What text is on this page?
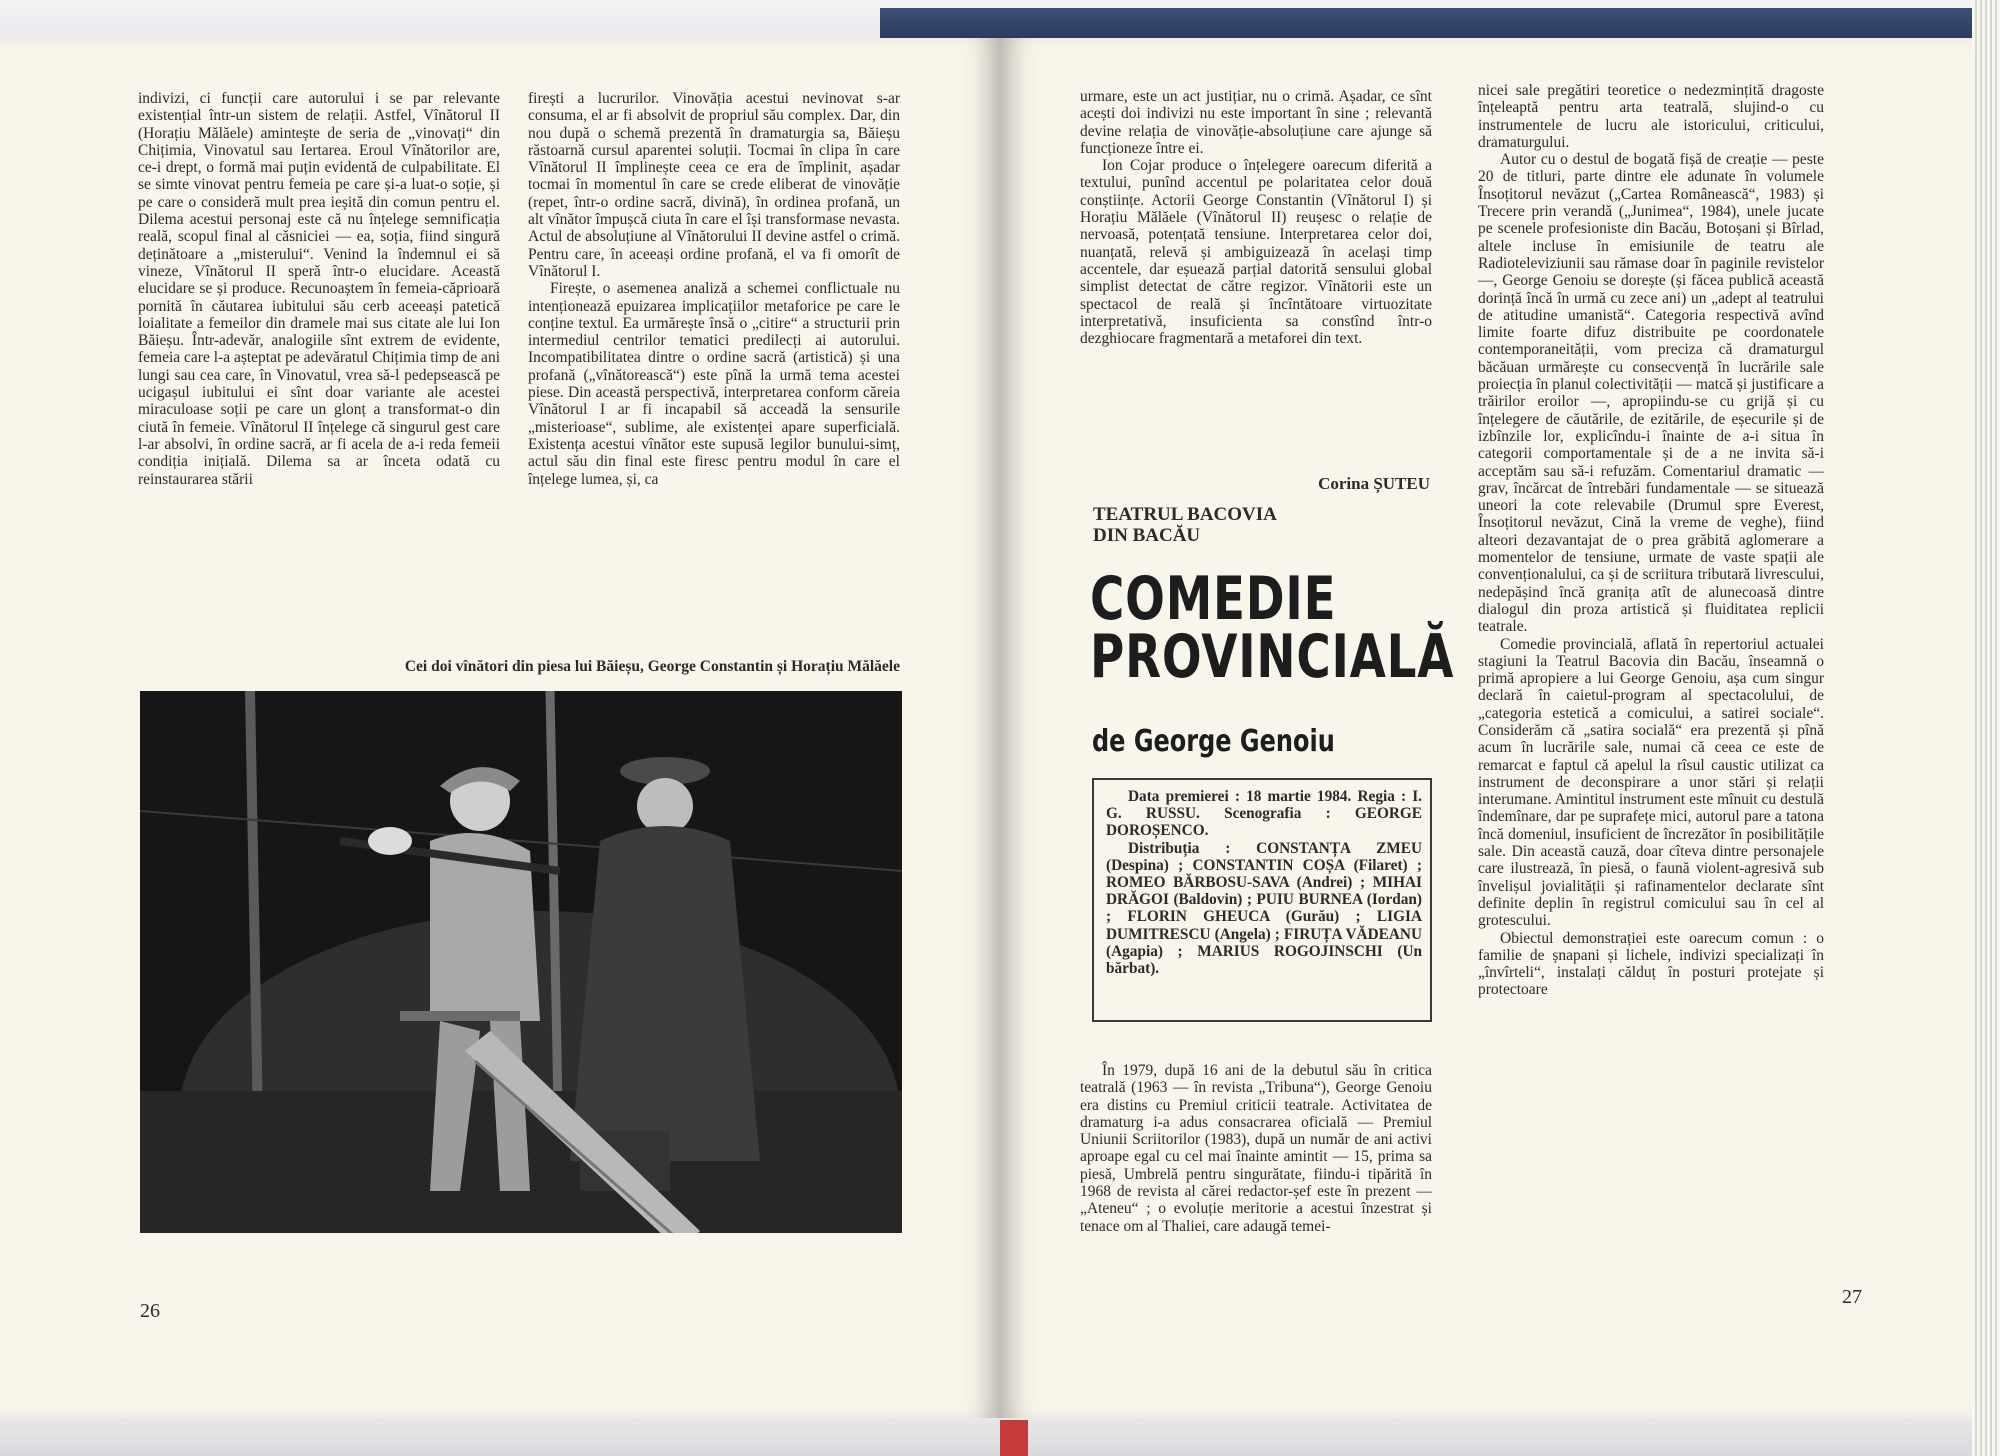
indivizi, ci funcții care autorului i se par relevante existențial într-un sistem de relații. Astfel, Vînătorul II (Horațiu Mălăele) amintește de seria de „vinovați“ din Chițimia, Vinovatul sau Iertarea. Eroul Vînătorilor are, ce-i drept, o formă mai puțin evidentă de culpabilitate. El se simte vinovat pentru femeia pe care și-a luat-o soție, și pe care o consideră mult prea ieșită din comun pentru el. Dilema acestui personaj este că nu înțelege semnificația reală, scopul final al căsniciei — ea, soția, fiind singură deținătoare a „misterului“. Venind la îndemnul ei să vineze, Vînătorul II speră într-o elucidare. Această elucidare se și produce. Recunoaștem în femeia-căprioară pornită în căutarea iubitului său cerb aceeași patetică loialitate a femeilor din dramele mai sus citate ale lui Ion Băieșu. Într-adevăr, analogiile sînt extrem de evidente, femeia care l-a așteptat pe adevăratul Chițimia timp de ani lungi sau cea care, în Vinovatul, vrea să-l pedepsească pe ucigașul iubitului ei sînt doar variante ale acestei miraculoase soții pe care un glonț a transformat-o din ciută în femeie. Vînătorul II înțelege că singurul gest care l-ar absolvi, în ordine sacră, ar fi acela de a-i reda femeii condiția inițială. Dilema sa ar înceta odată cu reinstaurarea stării

firești a lucrurilor. Vinovăția acestui nevinovat s-ar consuma, el ar fi absolvit de propriul său complex. Dar, din nou după o schemă prezentă în dramaturgia sa, Băieșu răstoarnă cursul aparentei soluții. Tocmai în clipa în care Vînătorul II împlinește ceea ce era de împlinit, așadar tocmai în momentul în care se crede eliberat de vinovăție (repet, într-o ordine sacră, divină), în ordinea profană, un alt vînător împușcă ciuta în care el își transformase nevasta. Actul de absoluțiune al Vînătorului II devine astfel o crimă. Pentru care, în aceeași ordine profană, el va fi omorît de Vînătorul I.

Firește, o asemenea analiză a schemei conflictuale nu intenționează epuizarea implicațiilor metaforice pe care le conține textul. Ea urmărește însă o „citire“ a structurii prin intermediul centrilor tematici predilecți ai autorului. Incompatibilitatea dintre o ordine sacră (artistică) și una profană („vînătorească“) este pînă la urmă tema acestei piese. Din această perspectivă, interpretarea conform căreia Vînătorul I ar fi incapabil să acceadă la sensurile „misterioase“, sublime, ale existenței apare superficială. Existența acestui vînător este supusă legilor bunului-simț, actul său din final este firesc pentru modul în care el înțelege lumea, și, ca

Cei doi vînători din piesa lui Băieșu, George Constantin și Horațiu Mălăele
26

urmare, este un act justițiar, nu o crimă. Așadar, ce sînt acești doi indivizi nu este important în sine ; relevantă devine relația de vinovăție-absoluțiune care ajunge să funcționeze între ei.

Ion Cojar produce o înțelegere oarecum diferită a textului, punînd accentul pe polaritatea celor două conștiințe. Actorii George Constantin (Vînătorul I) și Horațiu Mălăele (Vînătorul II) reușesc o relație de nervoasă, potențată tensiune. Interpretarea celor doi, nuanțată, relevă și ambiguizează în același timp accentele, dar eșuează parțial datorită sensului global simplist detectat de către regizor. Vînătorii este un spectacol de reală și încîntătoare virtuozitate interpretativă, insuficienta sa constînd într-o dezghiocare fragmentară a metaforei din text.

Corina ȘUTEU
TEATRUL BACOVIA
DIN BACĂU
COMEDIE
PROVINCIALĂ
de George Genoiu

Data premierei : 18 martie 1984. Regia : I. G. RUSSU. Scenografia : GEORGE DOROȘENCO.

Distribuția : CONSTANȚA ZMEU (Despina) ; CONSTANTIN COȘA (Filaret) ; ROMEO BĂRBOSU-SAVA (Andrei) ; MIHAI DRĂGOI (Baldovin) ; PUIU BURNEA (Iordan) ; FLORIN GHEUCA (Gurău) ; LIGIA DUMITRESCU (Angela) ; FIRUȚA VĂDEANU (Agapia) ; MARIUS ROGOJINSCHI (Un bărbat).

În 1979, după 16 ani de la debutul său în critica teatrală (1963 — în revista „Tribuna“), George Genoiu era distins cu Premiul criticii teatrale. Activitatea de dramaturg i-a adus consacrarea oficială — Premiul Uniunii Scriitorilor (1983), după un număr de ani activi aproape egal cu cel mai înainte amintit — 15, prima sa piesă, Umbrelă pentru singurătate, fiindu-i tipărită în 1968 de revista al cărei redactor-șef este în prezent — „Ateneu“ ; o evoluție meritorie a acestui înzestrat și tenace om al Thaliei, care adaugă temei-

nicei sale pregătiri teoretice o nedezmințită dragoste înțeleaptă pentru arta teatrală, slujind-o cu instrumentele de lucru ale istoricului, criticului, dramaturgului.

Autor cu o destul de bogată fișă de creație — peste 20 de titluri, parte dintre ele adunate în volumele Însoțitorul nevăzut („Cartea Românească“, 1983) și Trecere prin verandă („Junimea“, 1984), unele jucate pe scenele profesioniste din Bacău, Botoșani și Bîrlad, altele incluse în emisiunile de teatru ale Radioteleviziunii sau rămase doar în paginile revistelor —, George Genoiu se dorește (și făcea publică această dorință încă în urmă cu zece ani) un „adept al teatrului de atitudine umanistă“. Categoria respectivă avînd limite foarte difuz distribuite pe coordonatele contemporaneității, vom preciza că dramaturgul băcăuan urmărește cu consecvență în lucrările sale proiecția în planul colectivității — matcă și justificare a trăirilor eroilor —, apropiindu-se cu grijă și cu înțelegere de căutările, de ezitările, de eșecurile și de izbînzile lor, explicîndu-i înainte de a-i situa în categorii comportamentale și de a ne invita să-i acceptăm sau să-i refuzăm. Comentariul dramatic — grav, încărcat de întrebări fundamentale — se situează uneori la cote relevabile (Drumul spre Everest, Însoțitorul nevăzut, Cină la vreme de veghe), fiind alteori dezavantajat de o prea grăbită aglomerare a momentelor de tensiune, urmate de vaste spații ale convenționalului, ca și de scriitura tributară livrescului, nedepășind încă granița atît de alunecoasă dintre dialogul din proza artistică și fluiditatea replicii teatrale.

Comedie provincială, aflată în repertoriul actualei stagiuni la Teatrul Bacovia din Bacău, înseamnă o primă apropiere a lui George Genoiu, așa cum singur declară în caietul-program al spectacolului, de „categoria estetică a comicului, a satirei sociale“. Considerăm că „satira socială“ era prezentă și pînă acum în lucrările sale, numai că ceea ce este de remarcat e faptul că apelul la rîsul caustic utilizat ca instrument de deconspirare a unor stări și relații interumane. Amintitul instrument este mînuit cu destulă îndemînare, dar pe suprafețe mici, autorul pare a tatona încă domeniul, insuficient de încrezător în posibilitățile sale. Din această cauză, doar cîteva dintre personajele care ilustrează, în piesă, o faună violent-agresivă sub învelișul jovialității și rafinamentelor declarate sînt definite deplin în registrul comicului sau în cel al grotescului.

Obiectul demonstrației este oarecum comun : o familie de șnapani și lichele, indivizi specializați în „învîrteli“, instalați călduț în posturi protejate și protectoare

27
